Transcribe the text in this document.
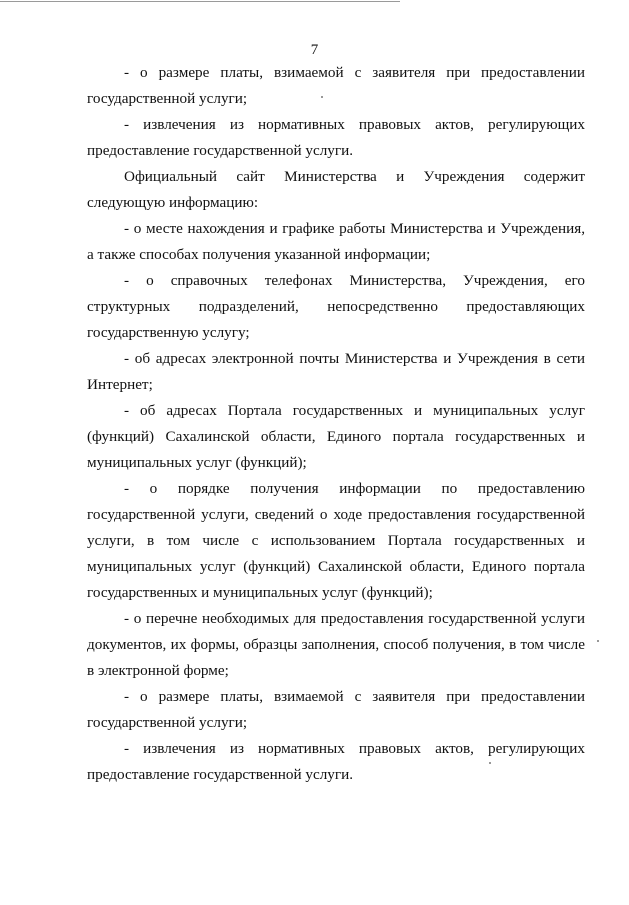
7

- о размере платы, взимаемой с заявителя при предоставлении государственной услуги;

- извлечения из нормативных правовых актов, регулирующих предоставление государственной услуги.

Официальный сайт Министерства и Учреждения содержит следующую информацию:

- о месте нахождения и графике работы Министерства и Учреждения, а также способах получения указанной информации;

- о справочных телефонах Министерства, Учреждения, его структурных подразделений, непосредственно предоставляющих государственную услугу;

- об адресах электронной почты Министерства и Учреждения в сети Интернет;

- об адресах Портала государственных и муниципальных услуг (функций) Сахалинской области, Единого портала государственных и муниципальных услуг (функций);

- о порядке получения информации по предоставлению государственной услуги, сведений о ходе предоставления государственной услуги, в том числе с использованием Портала государственных и муниципальных услуг (функций) Сахалинской области, Единого портала государственных и муниципальных услуг (функций);

- о перечне необходимых для предоставления государственной услуги документов, их формы, образцы заполнения, способ получения, в том числе в электронной форме;

- о размере платы, взимаемой с заявителя при предоставлении государственной услуги;

- извлечения из нормативных правовых актов, регулирующих предоставление государственной услуги.
